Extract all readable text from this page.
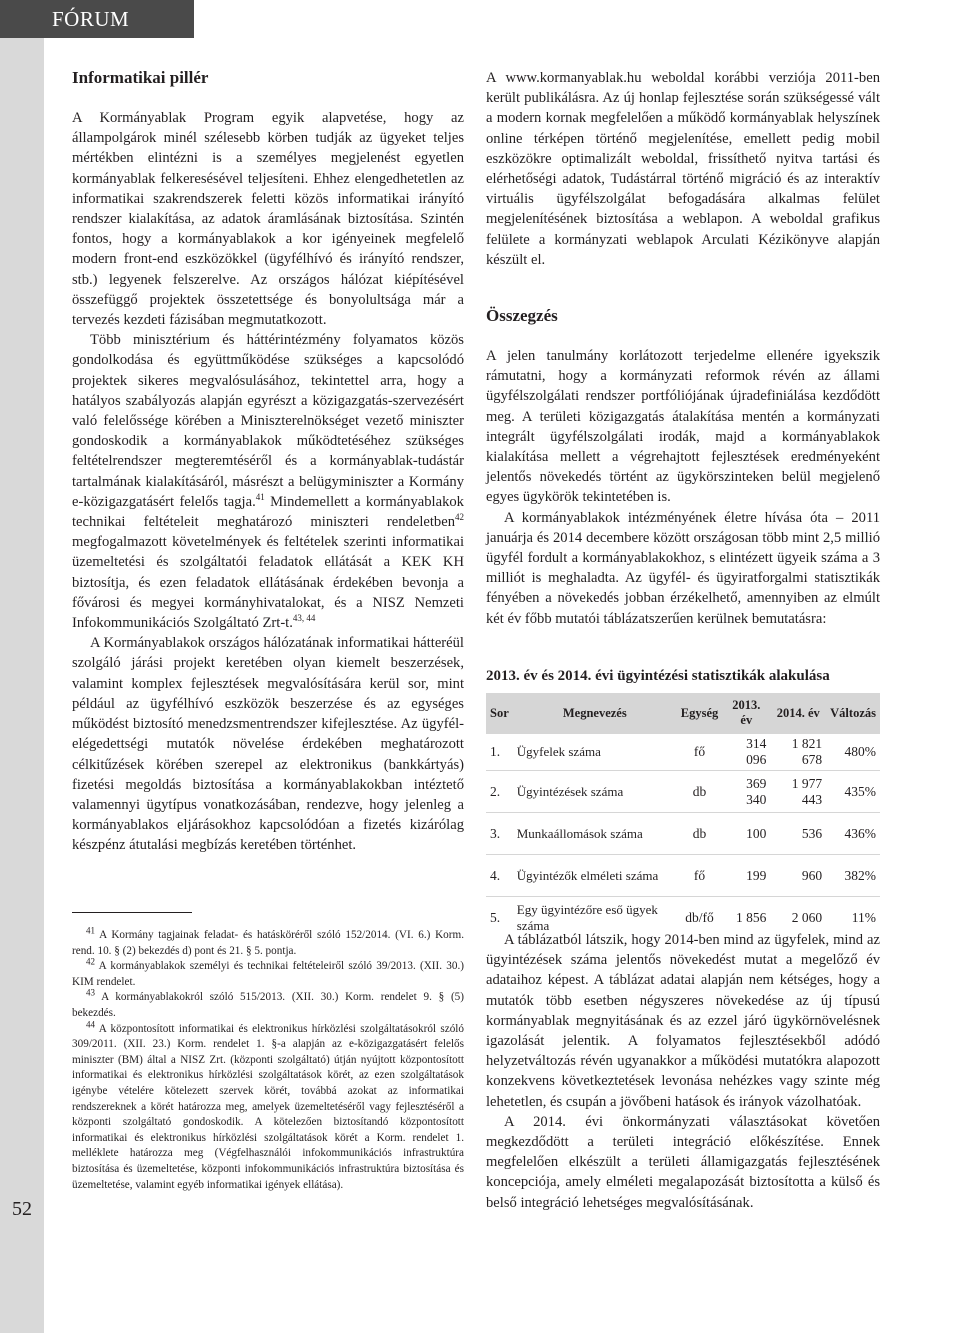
FÓRUM
52
Informatikai pillér

A Kormányablak Program egyik alapvetése, hogy az állampolgárok minél szélesebb körben tudják az ügyeket teljes mértékben elintézni is a személyes megjelenést egyetlen kormányablak felkeresésével teljesíteni. Ehhez elengedhetetlen az informatikai szakrendszerek feletti közös informatikai irányító rendszer kialakítása, az adatok áramlásának biztosítása. Szintén fontos, hogy a kormányablakok a kor igényeinek megfelelő modern front-end eszközökkel (ügyfélhívó és irányító rendszer, stb.) legyenek felszerelve. Az országos hálózat kiépítésével összefüggő projektek összetettsége és bonyolultsága már a tervezés kezdeti fázisában megmutatkozott.

Több minisztérium és háttérintézmény folyamatos közös gondolkodása és együttműködése szükséges a kapcsolódó projektek sikeres megvalósulásához, tekintettel arra, hogy a hatályos szabályozás alapján egyrészt a közigazgatás-szervezésért való felelőssége körében a Miniszterelnökséget vezető miniszter gondoskodik a kormányablakok működtetéséhez szükséges feltételrendszer megteremtéséről és a kormányablak-tudástár tartalmának kialakításáról, másrészt a belügyminiszter a Kormány e-közigazgatásért felelős tagja.$^{41}$ Mindemellett a kormányablakok technikai feltételeit meghatározó miniszteri rendeletben$^{42}$ megfogalmazott követelmények és feltételek szerinti informatikai üzemeltetési és szolgáltatói feladatok ellátását a KEK KH biztosítja, és ezen feladatok ellátásának érdekében bevonja a fővárosi és megyei kormányhivatalokat, és a NISZ Nemzeti Infokommunikációs Szolgáltató Zrt-t.$^{43, 44}$

A Kormányablakok országos hálózatának informatikai hátteréül szolgáló járási projekt keretében olyan kiemelt beszerzések, valamint komplex fejlesztések megvalósítására kerül sor, mint például az ügyfélhívó eszközök beszerzése és az egységes működést biztosító menedzsmentrendszer kifejlesztése. Az ügyfél-elégedettségi mutatók növelése érdekében meghatározott célkitűzések körében szerepel az elektronikus (bankkártyás) fizetési megoldás biztosítása a kormányablakokban intéztető valamennyi ügytípus vonatkozásában, rendezve, hogy jelenleg a kormányablakos eljárásokhoz kapcsolódóan a fizetés kizárólag készpénz átutalási megbízás keretében történhet.

$^{41}$ A Kormány tagjainak feladat- és hatásköréről szóló 152/2014. (VI. 6.) Korm. rend. 10. § (2) bekezdés d) pont és 21. § 5. pontja.

$^{42}$ A kormányablakok személyi és technikai feltételeiről szóló 39/2013. (XII. 30.) KIM rendelet.

$^{43}$ A kormányablakokról szóló 515/2013. (XII. 30.) Korm. rendelet 9. § (5) bekezdés.

$^{44}$ A központosított informatikai és elektronikus hírközlési szolgáltatásokról szóló 309/2011. (XII. 23.) Korm. rendelet 1. §-a alapján az e-közigazgatásért felelős miniszter (BM) által a NISZ Zrt. (központi szolgáltató) útján nyújtott központosított informatikai és elektronikus hírközlési szolgáltatások körét, az ezen szolgáltatások igénybe vételére kötelezett szervek körét, továbbá azokat az informatikai rendszereknek a körét határozza meg, amelyek üzemeltetéséről vagy fejlesztéséről a központi szolgáltató gondoskodik. A kötelezően biztosítandó központosított informatikai és elektronikus hírközlési szolgáltatások körét a Korm. rendelet 1. melléklete határozza meg (Végfelhasználói infokommunikációs infrastruktúra biztosítása és üzemeltetése, központi infokommunikációs infrastruktúra biztosítása és üzemeltetése, valamint egyéb informatikai igények ellátása).

A www.kormanyablak.hu weboldal korábbi verziója 2011-ben került publikálásra. Az új honlap fejlesztése során szükségessé vált a modern kornak megfelelően a működő kormányablak helyszínek online térképen történő megjelenítése, emellett pedig mobil eszközökre optimalizált weboldal, frissíthető nyitva tartási és elérhetőségi adatok, Tudástárral történő migráció és az interaktív virtuális ügyfélszolgálat befogadására alkalmas felület megjelenítésének biztosítása a weblapon. A weboldal grafikus felülete a kormányzati weblapok Arculati Kézikönyve alapján készült el.

Összegzés

A jelen tanulmány korlátozott terjedelme ellenére igyekszik rámutatni, hogy a kormányzati reformok révén az állami ügyfélszolgálati rendszer portfóliójának újradefiniálása kezdődött meg. A területi közigazgatás átalakítása mentén a kormányzati integrált ügyfélszolgálati irodák, majd a kormányablakok kialakítása mellett a végrehajtott fejlesztések eredményeként jelentős növekedés történt az ügykörszinteken belül megjelenő egyes ügykörök tekintetében is.

A kormányablakok intézményének életre hívása óta – 2011 januárja és 2014 decembere között országosan több mint 2,5 millió ügyfél fordult a kormányablakokhoz, s elintézett ügyeik száma a 3 milliót is meghaladta. Az ügyfél- és ügyiratforgalmi statisztikák fényében a növekedés jobban érzékelhető, amennyiben az elmúlt két év főbb mutatói táblázatszerűen kerülnek bemutatásra:

2013. év és 2014. évi ügyintézési statisztikák alakulása
Sor	Megnevezés	Egység	2013. év	2014. év	Változás
1.	Ügyfelek száma	fő	314 096	1 821 678	480%
2.	Ügyintézések száma	db	369 340	1 977 443	435%
3.	Munkaállomások száma	db	100	536	436%
4.	Ügyintézők elméleti száma	fő	199	960	382%
5.	Egy ügyintézőre eső ügyek száma	db/fő	1 856	2 060	11%

A táblázatból látszik, hogy 2014-ben mind az ügyfelek, mind az ügyintézések száma jelentős növekedést mutat a megelőző év adataihoz képest. A táblázat adatai alapján nem kétséges, hogy a mutatók több esetben négyszeres növekedése az új típusú kormányablak megnyitásának és az ezzel járó ügykörnövelésnek igazolását jelentik. A folyamatos fejlesztésekből adódó helyzetváltozás révén ugyanakkor a működési mutatókra alapozott konzekvens következtetések levonása nehézkes vagy szinte még lehetetlen, és csupán a jövőbeni hatások és irányok vázolhatóak.

A 2014. évi önkormányzati választásokat követően megkezdődött a területi integráció előkészítése. Ennek megfelelően elkészült a területi államigazgatás fejlesztésének koncepciója, amely elméleti megalapozását biztosította a külső és belső integráció lehetséges megvalósításának.
